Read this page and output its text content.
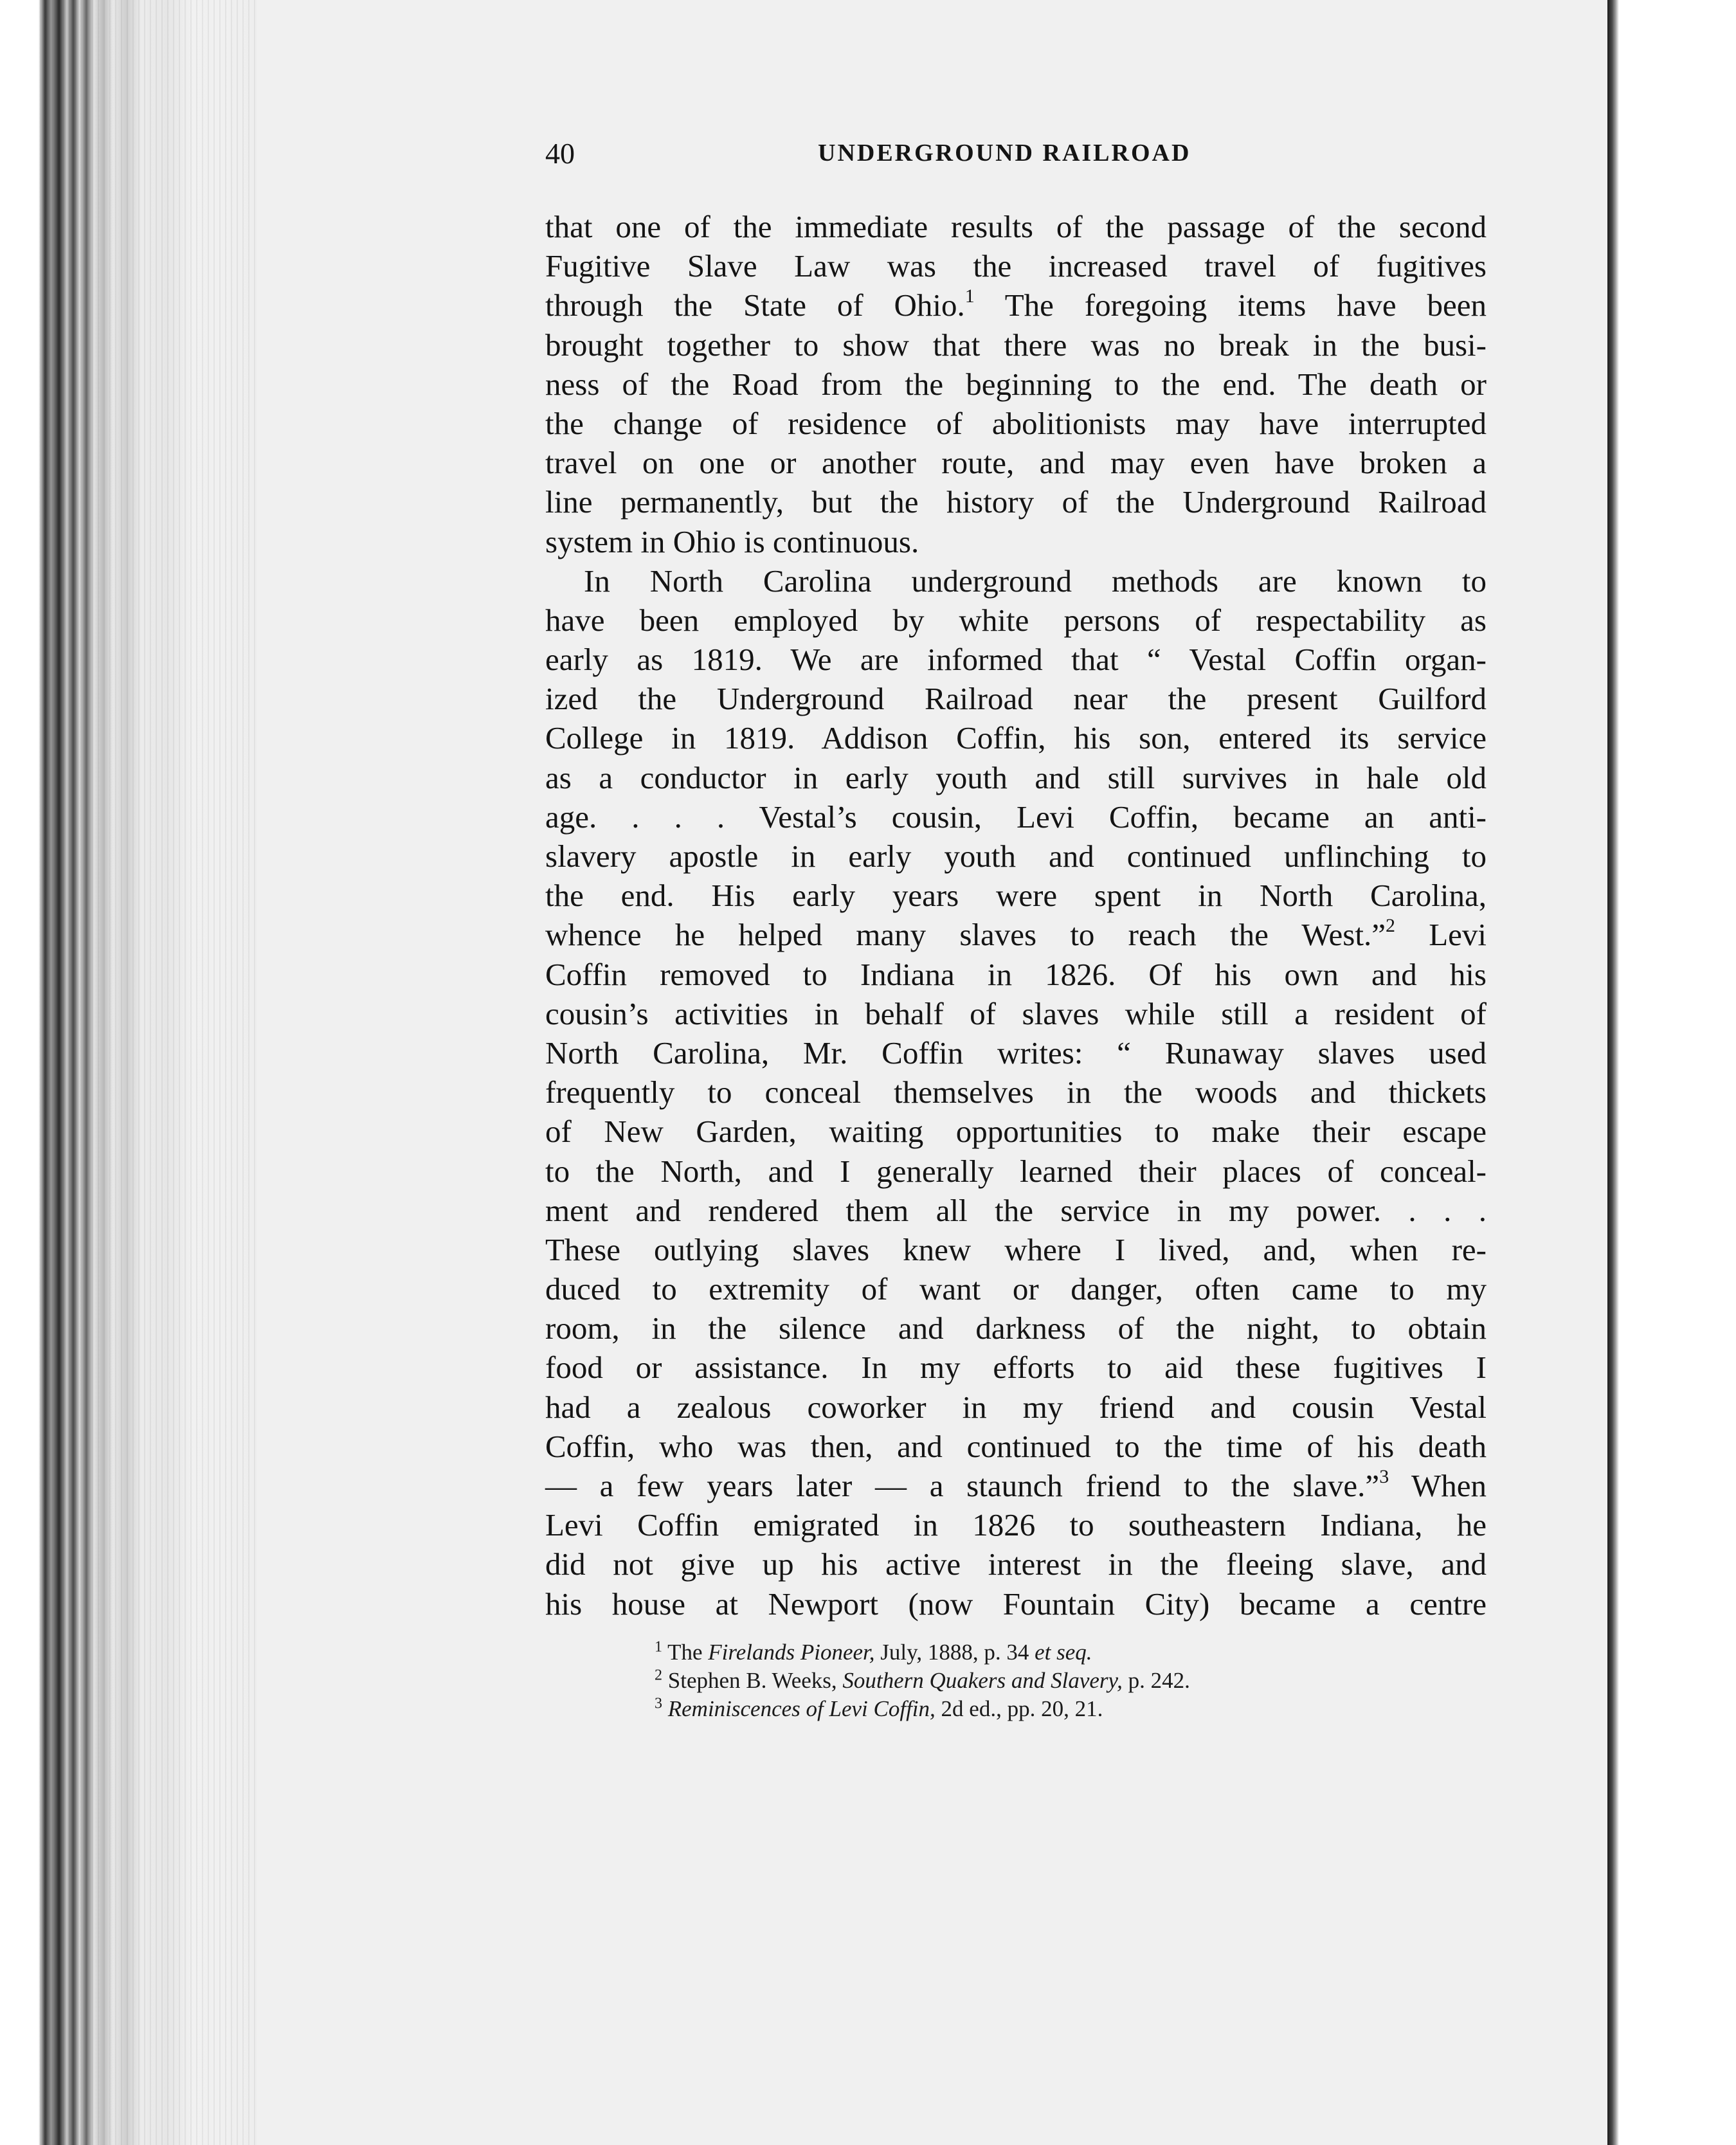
40	UNDERGROUND RAILROAD
that one of the immediate results of the passage of the second
Fugitive Slave Law was the increased travel of fugitives
through the State of Ohio.$^1$ The foregoing items have been
brought together to show that there was no break in the busi-
ness of the Road from the beginning to the end. The death or
the change of residence of abolitionists may have interrupted
travel on one or another route, and may even have broken a
line permanently, but the history of the Underground Railroad
system in Ohio is continuous.
In North Carolina underground methods are known to
have been employed by white persons of respectability as
early as 1819. We are informed that “ Vestal Coffin organ-
ized the Underground Railroad near the present Guilford
College in 1819. Addison Coffin, his son, entered its service
as a conductor in early youth and still survives in hale old
age. . . . Vestal’s cousin, Levi Coffin, became an anti-
slavery apostle in early youth and continued unflinching to
the end. His early years were spent in North Carolina,
whence he helped many slaves to reach the West.”$^2$ Levi
Coffin removed to Indiana in 1826. Of his own and his
cousin’s activities in behalf of slaves while still a resident of
North Carolina, Mr. Coffin writes: “ Runaway slaves used
frequently to conceal themselves in the woods and thickets
of New Garden, waiting opportunities to make their escape
to the North, and I generally learned their places of conceal-
ment and rendered them all the service in my power. . . .
These outlying slaves knew where I lived, and, when re-
duced to extremity of want or danger, often came to my
room, in the silence and darkness of the night, to obtain
food or assistance. In my efforts to aid these fugitives I
had a zealous coworker in my friend and cousin Vestal
Coffin, who was then, and continued to the time of his death
— a few years later — a staunch friend to the slave.”$^3$ When
Levi Coffin emigrated in 1826 to southeastern Indiana, he
did not give up his active interest in the fleeing slave, and
his house at Newport (now Fountain City) became a centre
$^1$ The Firelands Pioneer, July, 1888, p. 34 et seq.
$^2$ Stephen B. Weeks, Southern Quakers and Slavery, p. 242.
$^3$ Reminiscences of Levi Coffin, 2d ed., pp. 20, 21.
